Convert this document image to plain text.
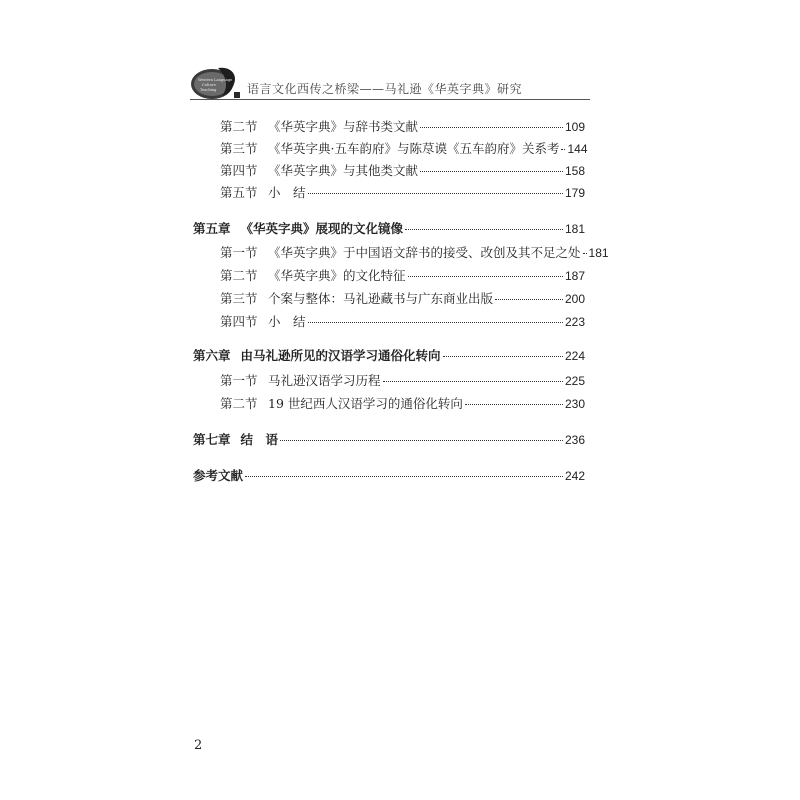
Western Language
Culture
Teaching	语言文化西传之桥梁——马礼逊《华英字典》研究
第二节 《华英字典》与辞书类文献	109
第三节 《华英字典·五车韵府》与陈荩谟《五车韵府》关系考 144
第四节 《华英字典》与其他类文献	158
第五节 小　结	179
第五章 《华英字典》展现的文化镜像	181
第一节 《华英字典》于中国语文辞书的接受、改创及其不足之处 181
第二节 《华英字典》的文化特征	187
第三节 个案与整体：马礼逊藏书与广东商业出版	200
第四节 小　结	223
第六章 由马礼逊所见的汉语学习通俗化转向	224
第一节 马礼逊汉语学习历程	225
第二节 19 世纪西人汉语学习的通俗化转向	230
第七章 结　语	236
参考文献	242
2
